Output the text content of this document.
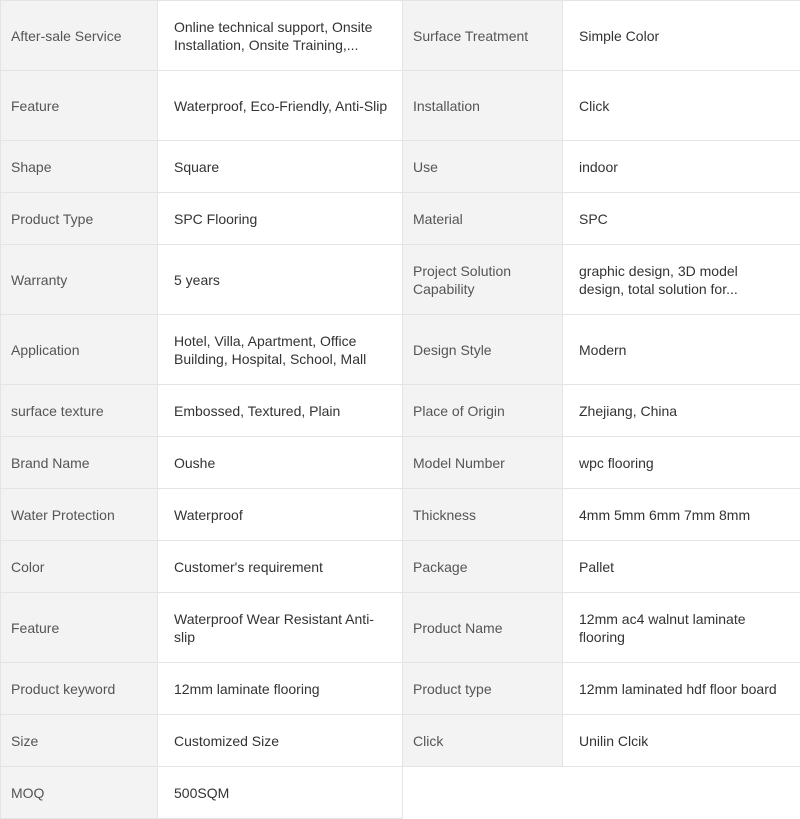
After-sale Service	Online technical support, Onsite Installation, Onsite Training,...	Surface Treatment	Simple Color

Feature	Waterproof, Eco-Friendly, Anti-Slip	Installation	Click

Shape	Square	Use	indoor

Product Type	SPC Flooring	Material	SPC

Warranty	5 years	Project Solution Capability	graphic design, 3D model design, total solution for...

Application	Hotel, Villa, Apartment, Office Building, Hospital, School, Mall	Design Style	Modern

surface texture	Embossed, Textured, Plain	Place of Origin	Zhejiang, China

Brand Name	Oushe	Model Number	wpc flooring

Water Protection	Waterproof	Thickness	4mm 5mm 6mm 7mm 8mm

Color	Customer's requirement	Package	Pallet

Feature	Waterproof Wear Resistant Anti-slip	Product Name	12mm ac4 walnut laminate flooring

Product keyword	12mm laminate flooring	Product type	12mm laminated hdf floor board

Size	Customized Size	Click	Unilin Clcik

MOQ	500SQM		
